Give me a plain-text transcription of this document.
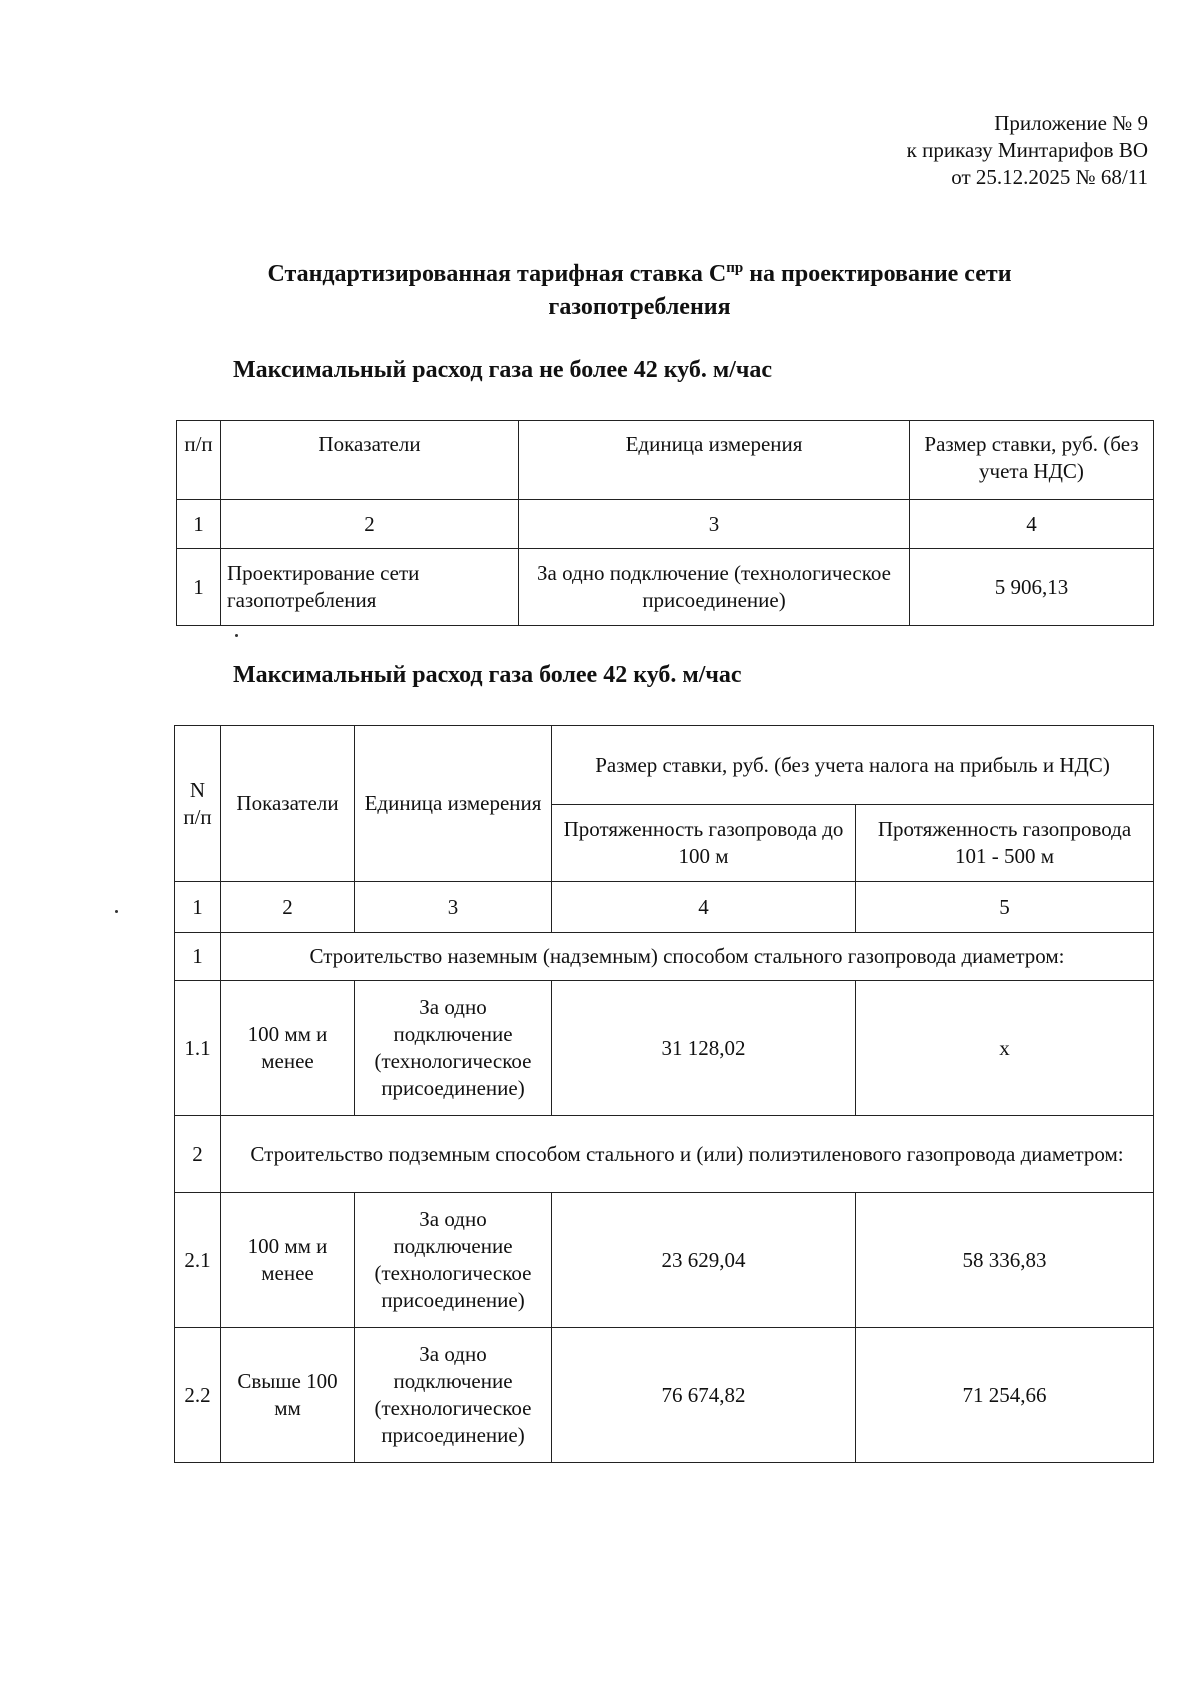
Приложение № 9
к приказу Минтарифов ВО
от 25.12.2025 № 68/11
Стандартизированная тарифная ставка $С^{пр}$ на проектирование сети
газопотребления
Максимальный расход газа не более 42 куб. м/час
п/п	Показатели	Единица измерения	Размер ставки, руб. (без учета НДС)
1	2	3	4
1	Проектирование сети газопотребления	За одно подключение (технологическое присоединение)	5 906,13
Максимальный расход газа более 42 куб. м/час
N п/п	Показатели	Единица измерения	Размер ставки, руб. (без учета налога на прибыль и НДС)	
			Протяженность газопровода до 100 м	Протяженность газопровода 101 - 500 м
1	2	3	4	5
1	Строительство наземным (надземным) способом стального газопровода диаметром:			
1.1	100 мм и менее	За одно подключение (технологическое присоединение)	31 128,02	х
2	Строительство подземным способом стального и (или) полиэтиленового газопровода диаметром:			
2.1	100 мм и менее	За одно подключение (технологическое присоединение)	23 629,04	58 336,83
2.2	Свыше 100 мм	За одно подключение (технологическое присоединение)	76 674,82	71 254,66
